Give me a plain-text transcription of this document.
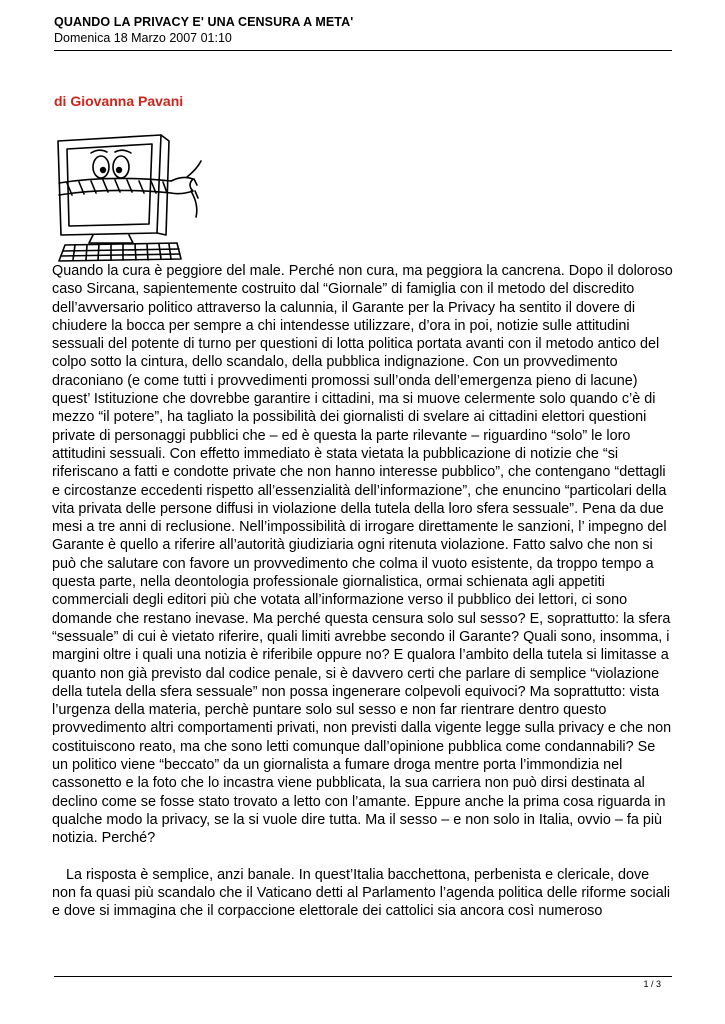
QUANDO LA PRIVACY E' UNA CENSURA A META'
Domenica 18 Marzo 2007 01:10
di Giovanna Pavani

Quando la cura è peggiore del male. Perché non cura, ma peggiora la cancrena. Dopo il doloroso caso Sircana, sapientemente costruito dal “Giornale” di famiglia con il metodo del discredito dell’avversario politico attraverso la calunnia, il Garante per la Privacy ha sentito il dovere di chiudere la bocca per sempre a chi intendesse utilizzare, d’ora in poi, notizie sulle attitudini sessuali del potente di turno per questioni di lotta politica portata avanti con il metodo antico del colpo sotto la cintura, dello scandalo, della pubblica indignazione. Con un provvedimento draconiano (e come tutti i provvedimenti promossi sull’onda dell’emergenza pieno di lacune) quest’ Istituzione che dovrebbe garantire i cittadini, ma si muove celermente solo quando c’è di mezzo “il potere”, ha tagliato la possibilità dei giornalisti di svelare ai cittadini elettori questioni private di personaggi pubblici che – ed è questa la parte rilevante – riguardino “solo” le loro attitudini sessuali. Con effetto immediato è stata vietata la pubblicazione di notizie che “si riferiscano a fatti e condotte private che non hanno interesse pubblico”, che contengano “dettagli e circostanze eccedenti rispetto all’essenzialità dell’informazione”, che enuncino “particolari della vita privata delle persone diffusi in violazione della tutela della loro sfera sessuale”. Pena da due mesi a tre anni di reclusione. Nell’impossibilità di irrogare direttamente le sanzioni, l’ impegno del Garante è quello a riferire all’autorità giudiziaria ogni ritenuta violazione. Fatto salvo che non si può che salutare con favore un provvedimento che colma il vuoto esistente, da troppo tempo a questa parte, nella deontologia professionale giornalistica, ormai schienata agli appetiti commerciali degli editori più che votata all’informazione verso il pubblico dei lettori, ci sono domande che restano inevase. Ma perché questa censura solo sul sesso? E, soprattutto: la sfera “sessuale” di cui è vietato riferire, quali limiti avrebbe secondo il Garante? Quali sono, insomma, i margini oltre i quali una notizia è riferibile oppure no? E qualora l’ambito della tutela si limitasse a quanto non già previsto dal codice penale, si è davvero certi che parlare di semplice “violazione della tutela della sfera sessuale” non possa ingenerare colpevoli equivoci? Ma soprattutto: vista l’urgenza della materia, perchè puntare solo sul sesso e non far rientrare dentro questo provvedimento altri comportamenti privati, non previsti dalla vigente legge sulla privacy e che non costituiscono reato, ma che sono letti comunque dall’opinione pubblica come condannabili? Se un politico viene “beccato” da un giornalista a fumare droga mentre porta l’immondizia nel cassonetto e la foto che lo incastra viene pubblicata, la sua carriera non può dirsi destinata al declino come se fosse stato trovato a letto con l’amante. Eppure anche la prima cosa riguarda in qualche modo la privacy, se la si vuole dire tutta. Ma il sesso – e non solo in Italia, ovvio – fa più notizia. Perché?

La risposta è semplice, anzi banale. In quest’Italia bacchettona, perbenista e clericale, dove non fa quasi più scandalo che il Vaticano detti al Parlamento l’agenda politica delle riforme sociali e dove si immagina che il corpaccione elettorale dei cattolici sia ancora così numeroso

1 / 3
